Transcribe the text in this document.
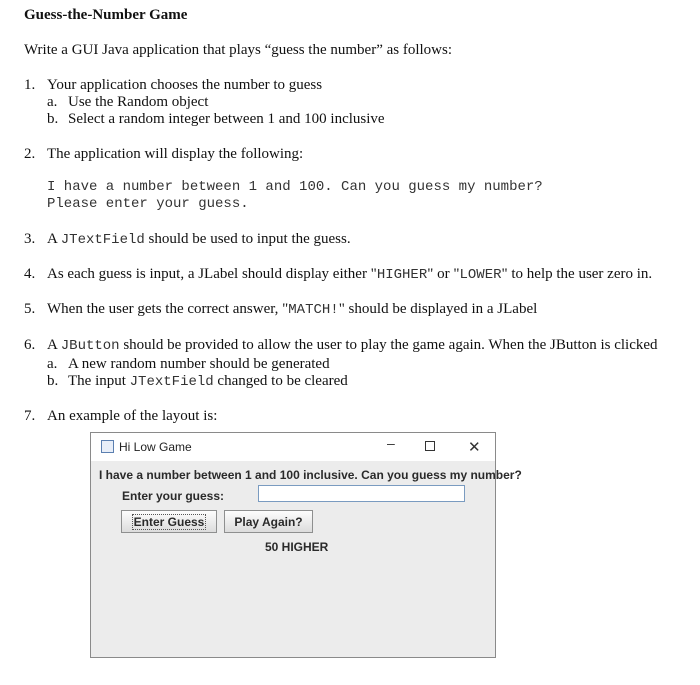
Guess-the-Number Game
Write a GUI Java application that plays “guess the number” as follows:
1. Your application chooses the number to guess
a. Use the Random object
b. Select a random integer between 1 and 100 inclusive
2. The application will display the following:
I have a number between 1 and 100. Can you guess my number?
Please enter your guess.
3. A JTextField should be used to input the guess.
4. As each guess is input, a JLabel should display either "HIGHER" or "LOWER" to help the user zero in.
5. When the user gets the correct answer, "MATCH!" should be displayed in a JLabel
6. A JButton should be provided to allow the user to play the game again. When the JButton is clicked
a. A new random number should be generated
b. The input JTextField changed to be cleared
7. An example of the layout is:
Hi Low Game	–	✕
I have a number between 1 and 100 inclusive. Can you guess my number?
Enter your guess:
Enter Guess	Play Again?
50 HIGHER
